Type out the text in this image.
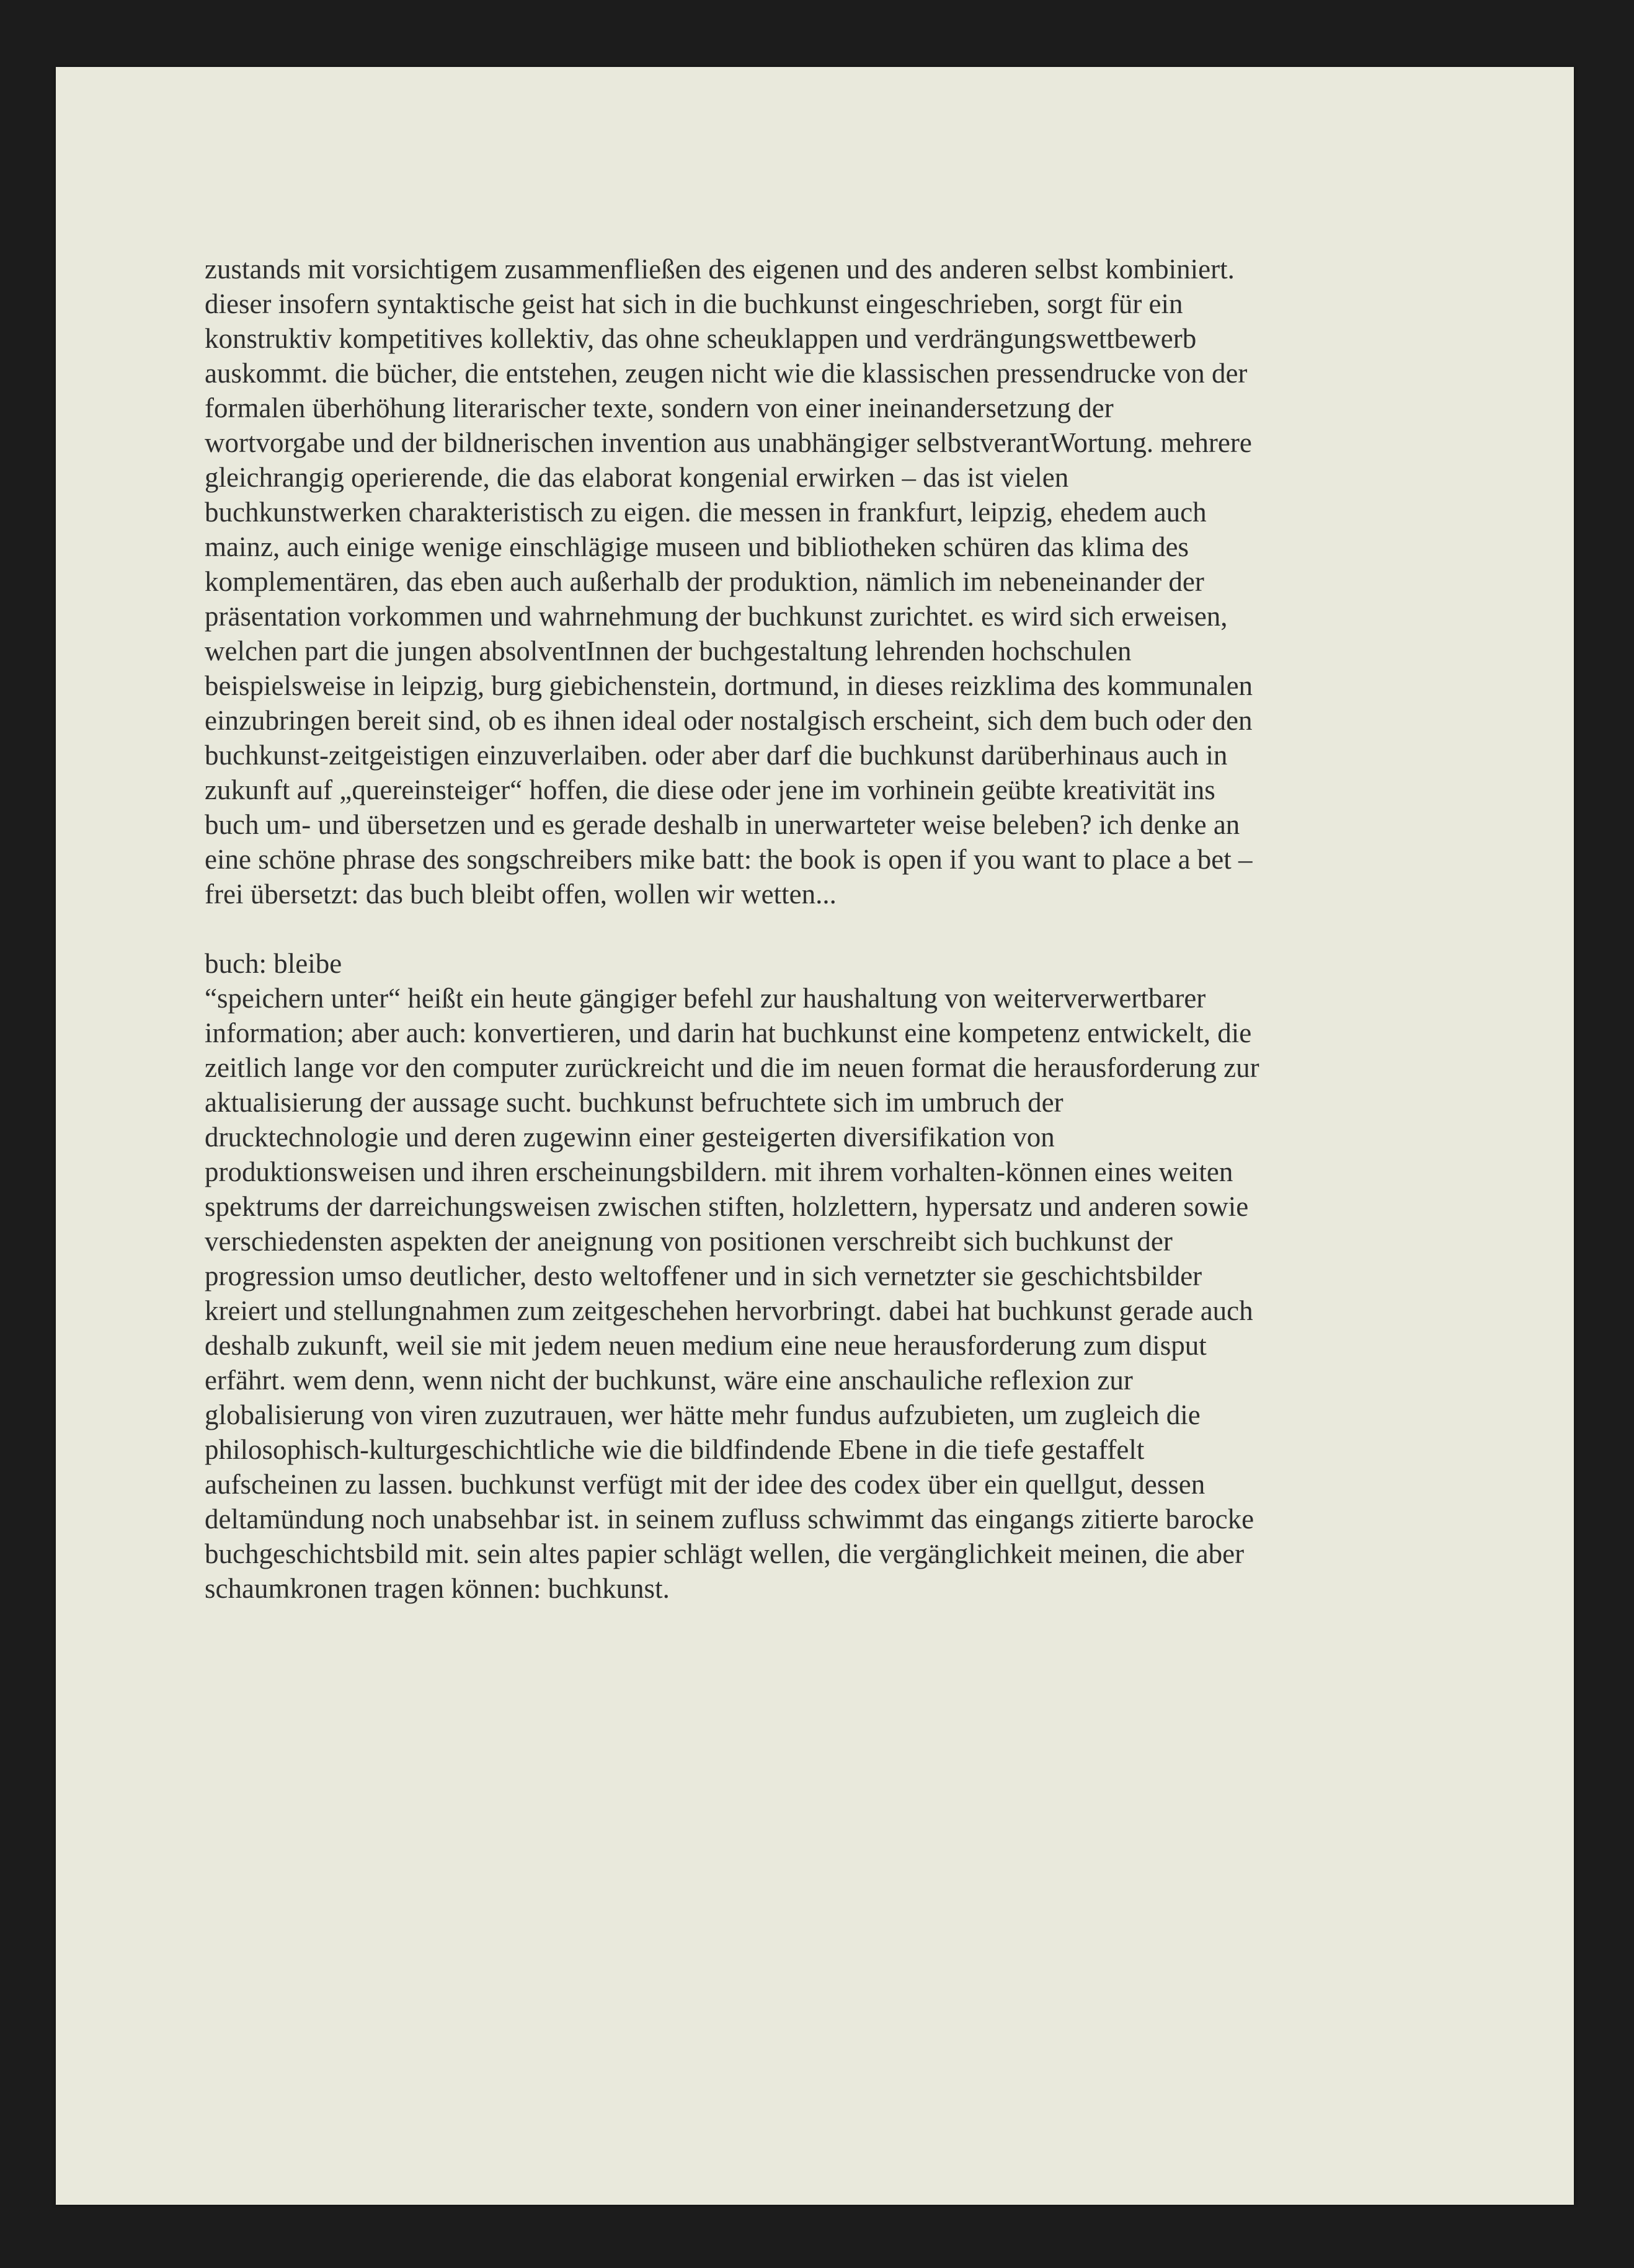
zustands mit vorsichtigem zusammenfließen des eigenen und des anderen selbst kombiniert.
dieser insofern syntaktische geist hat sich in die buchkunst eingeschrieben, sorgt für ein
konstruktiv kompetitives kollektiv, das ohne scheuklappen und verdrängungswettbewerb
auskommt. die bücher, die entstehen, zeugen nicht wie die klassischen pressendrucke von der
formalen überhöhung literarischer texte, sondern von einer ineinandersetzung der
wortvorgabe und der bildnerischen invention aus unabhängiger selbstverantWortung. mehrere
gleichrangig operierende, die das elaborat kongenial erwirken – das ist vielen
buchkunstwerken charakteristisch zu eigen. die messen in frankfurt, leipzig, ehedem auch
mainz, auch einige wenige einschlägige museen und bibliotheken schüren das klima des
komplementären, das eben auch außerhalb der produktion, nämlich im nebeneinander der
präsentation vorkommen und wahrnehmung der buchkunst zurichtet. es wird sich erweisen,
welchen part die jungen absolventInnen der buchgestaltung lehrenden hochschulen
beispielsweise in leipzig, burg giebichenstein, dortmund, in dieses reizklima des kommunalen
einzubringen bereit sind, ob es ihnen ideal oder nostalgisch erscheint, sich dem buch oder den
buchkunst-zeitgeistigen einzuverlaiben. oder aber darf die buchkunst darüberhinaus auch in
zukunft auf „quereinsteiger“ hoffen, die diese oder jene im vorhinein geübte kreativität ins
buch um- und übersetzen und es gerade deshalb in unerwarteter weise beleben? ich denke an
eine schöne phrase des songschreibers mike batt: the book is open if you want to place a bet –
frei übersetzt: das buch bleibt offen, wollen wir wetten...
buch: bleibe
“speichern unter“ heißt ein heute gängiger befehl zur haushaltung von weiterverwertbarer
information; aber auch: konvertieren, und darin hat buchkunst eine kompetenz entwickelt, die
zeitlich lange vor den computer zurückreicht und die im neuen format die herausforderung zur
aktualisierung der aussage sucht. buchkunst befruchtete sich im umbruch der
drucktechnologie und deren zugewinn einer gesteigerten diversifikation von
produktionsweisen und ihren erscheinungsbildern. mit ihrem vorhalten-können eines weiten
spektrums der darreichungsweisen zwischen stiften, holzlettern, hypersatz und anderen sowie
verschiedensten aspekten der aneignung von positionen verschreibt sich buchkunst der
progression umso deutlicher, desto weltoffener und in sich vernetzter sie geschichtsbilder
kreiert und stellungnahmen zum zeitgeschehen hervorbringt. dabei hat buchkunst gerade auch
deshalb zukunft, weil sie mit jedem neuen medium eine neue herausforderung zum disput
erfährt. wem denn, wenn nicht der buchkunst, wäre eine anschauliche reflexion zur
globalisierung von viren zuzutrauen, wer hätte mehr fundus aufzubieten, um zugleich die
philosophisch-kulturgeschichtliche wie die bildfindende Ebene in die tiefe gestaffelt
aufscheinen zu lassen. buchkunst verfügt mit der idee des codex über ein quellgut, dessen
deltamündung noch unabsehbar ist. in seinem zufluss schwimmt das eingangs zitierte barocke
buchgeschichtsbild mit. sein altes papier schlägt wellen, die vergänglichkeit meinen, die aber
schaumkronen tragen können: buchkunst.
